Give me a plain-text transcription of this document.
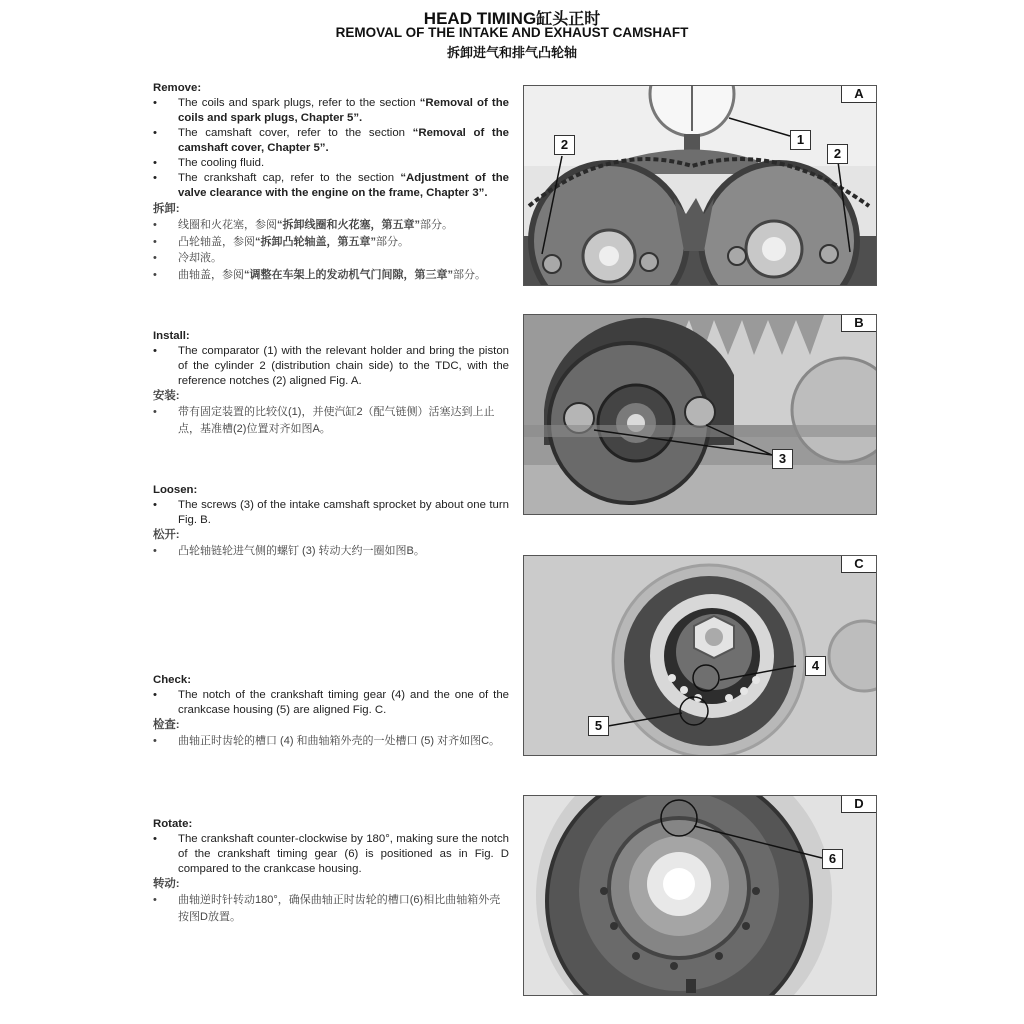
HEAD TIMING缸头正时
REMOVAL OF THE INTAKE AND EXHAUST CAMSHAFT
拆卸进气和排气凸轮轴

Remove:

• The coils and spark plugs, refer to the section “Removal of the coils and spark plugs, Chapter 5”.

• The camshaft cover, refer to the section “Removal of the camshaft cover, Chapter 5”.

• The cooling fluid.

• The crankshaft cap, refer to the section “Adjustment of the valve clearance with the engine on the frame, Chapter 3”.

拆卸:

• 线圈和火花塞，参阅“拆卸线圈和火花塞，第五章”部分。

• 凸轮轴盖，参阅“拆卸凸轮轴盖，第五章”部分。

• 冷却液。

• 曲轴盖，参阅“调整在车架上的发动机气门间隙，第三章”部分。

Install:

• The comparator (1) with the relevant holder and bring the piston of the cylinder 2 (distribution chain side) to the TDC, with the reference notches (2) aligned Fig. A.

安装:

• 带有固定装置的比较仪(1)，并使汽缸2（配气链侧）活塞达到上止点，基准槽(2)位置对齐如图A。

Loosen:

• The screws (3) of the intake camshaft sprocket by about one turn Fig. B.

松开:

• 凸轮轴链轮进气侧的螺钉 (3) 转动大约一圈如图B。

Check:

• The notch of the crankshaft timing gear (4) and the one of the crankcase housing (5) are aligned Fig. C.

检查:

• 曲轴正时齿轮的槽口 (4) 和曲轴箱外壳的一处槽口 (5) 对齐如图C。

Rotate:

• The crankshaft counter-clockwise by 180°, making sure the notch of the crankshaft timing gear (6) is positioned as in Fig. D compared to the crankcase housing.

转动:

• 曲轴逆时针转动180°，确保曲轴正时齿轮的槽口(6)相比曲轴箱外壳按图D放置。

A
1
2
2
B
3
C
4
5
D
6
